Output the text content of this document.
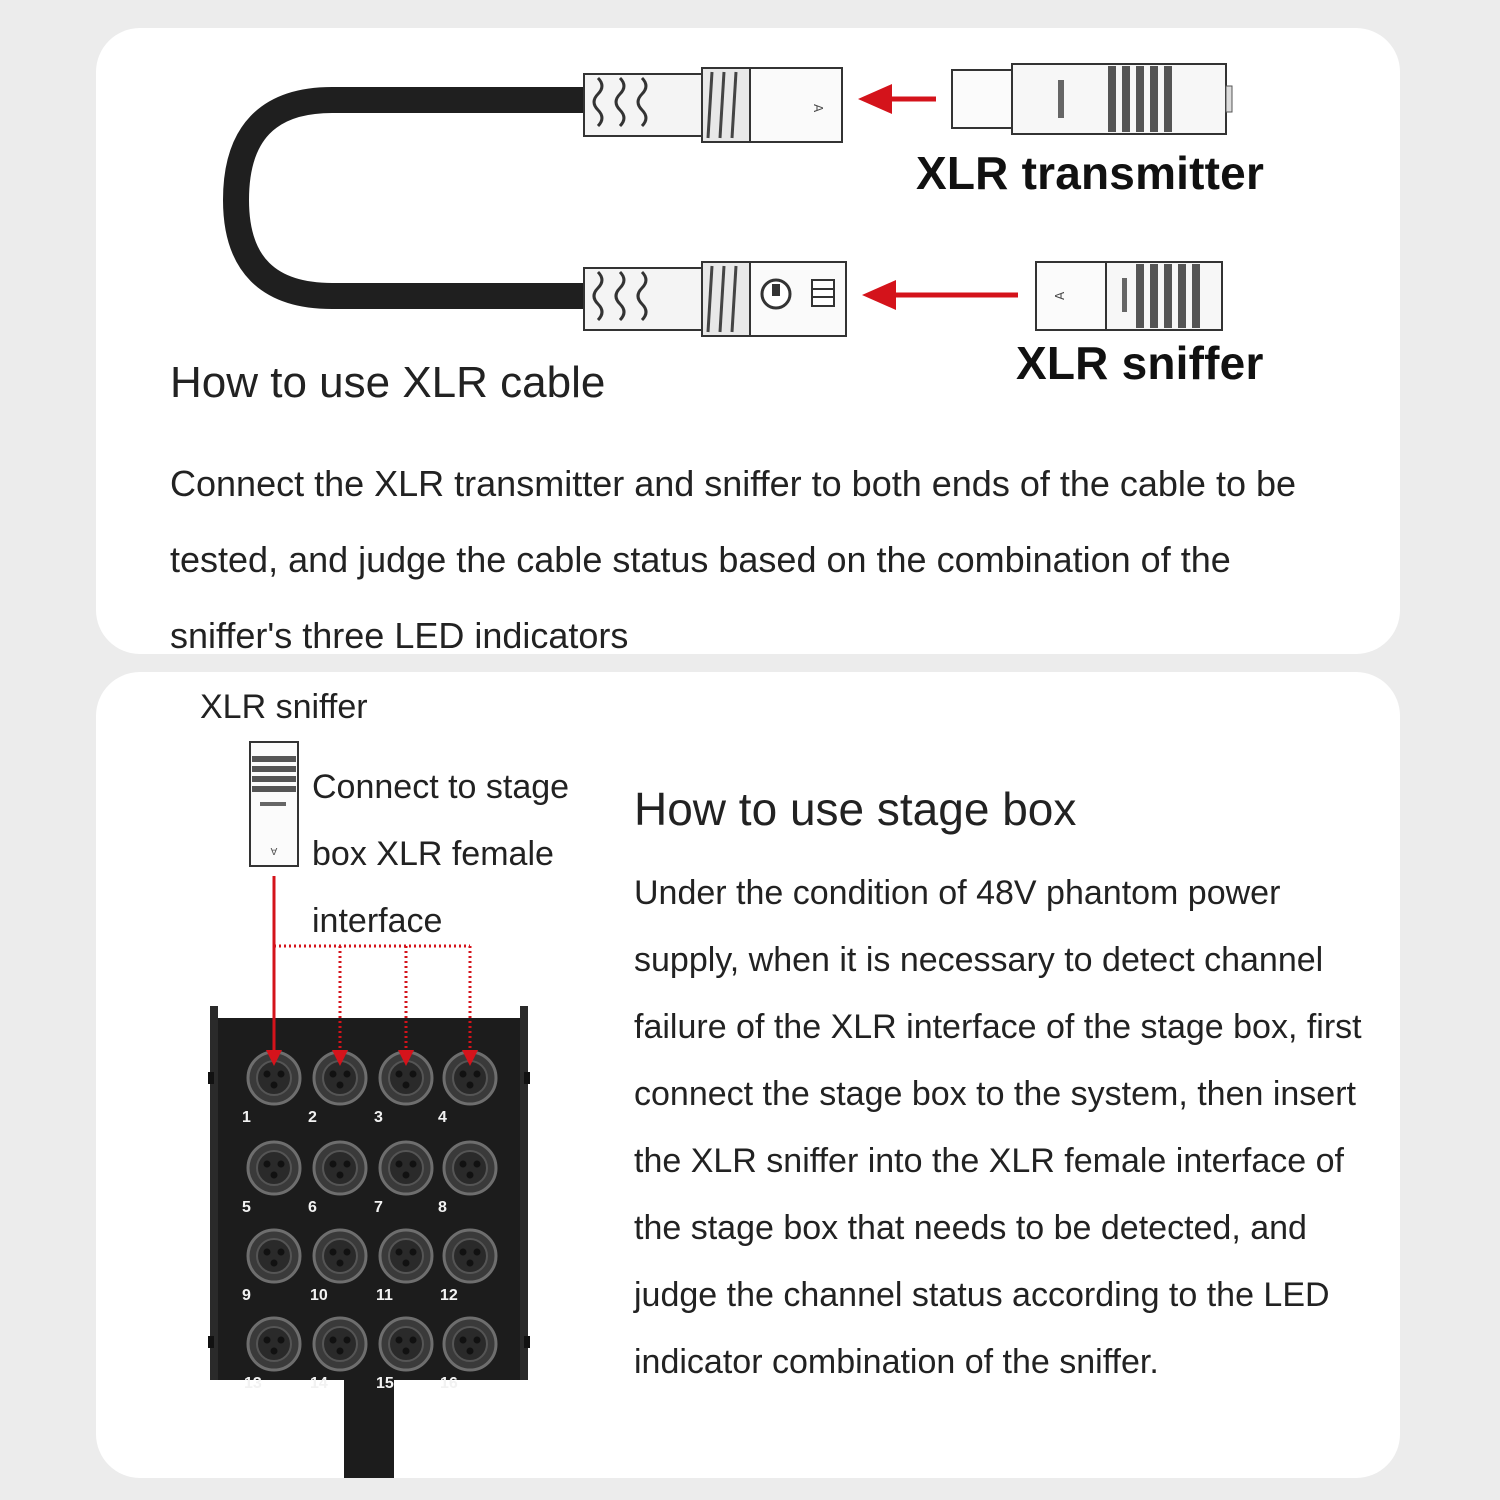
A
A
XLR transmitter
XLR sniffer
How to use XLR cable
Connect the XLR transmitter and sniffer to both ends of the cable to be
tested, and judge the cable status based on the combination of the
sniffer's three LED indicators
A
1	2	3	4
5	6	7	8
9	10	11	12
13	14	15	16
XLR sniffer
Connect to stage
box XLR female
interface
How to use stage box
Under the condition of 48V phantom power
supply, when it is necessary to detect channel
failure of the XLR interface of the stage box, first
connect the stage box to the system, then insert
the XLR sniffer into the XLR female interface of
the stage box that needs to be detected, and
judge the channel status according to the LED
indicator combination of the sniffer.
